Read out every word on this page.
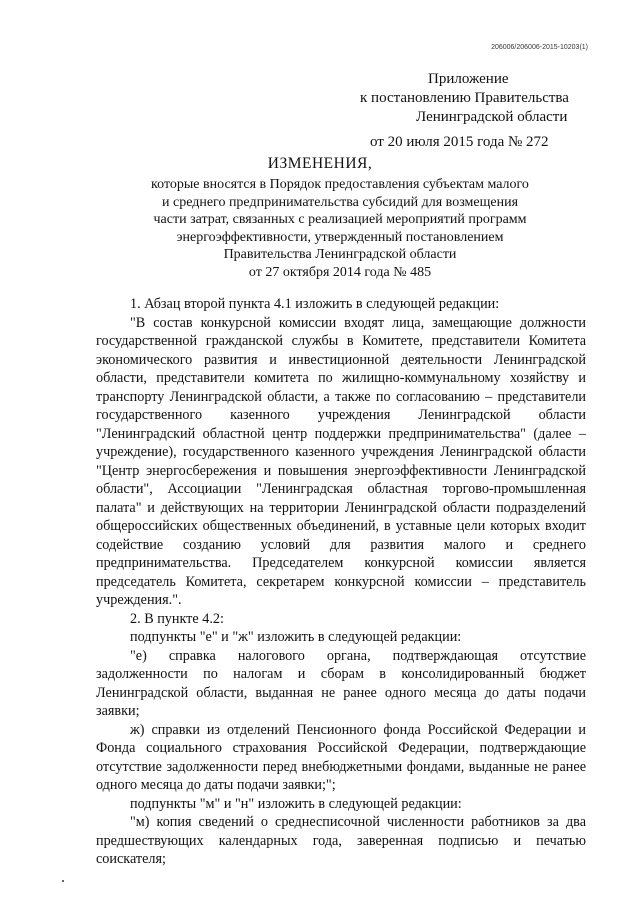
206006/206006-2015-10203(1)
Приложение
к постановлению Правительства
Ленинградской области
от 20 июля 2015 года № 272
ИЗМЕНЕНИЯ,
которые вносятся в Порядок предоставления субъектам малого
и среднего предпринимательства субсидий для возмещения
части затрат, связанных с реализацией мероприятий программ
энергоэффективности, утвержденный постановлением
Правительства Ленинградской области
от 27 октября 2014 года № 485

1. Абзац второй пункта 4.1 изложить в следующей редакции:

"В состав конкурсной комиссии входят лица, замещающие должности государственной гражданской службы в Комитете, представители Комитета экономического развития и инвестиционной деятельности Ленинградской области, представители комитета по жилищно-коммунальному хозяйству и транспорту Ленинградской области, а также по согласованию – представители государственного казенного учреждения Ленинградской области "Ленинградский областной центр поддержки предпринимательства" (далее – учреждение), государственного казенного учреждения Ленинградской области "Центр энергосбережения и повышения энергоэффективности Ленинградской области", Ассоциации "Ленинградская областная торгово-промышленная палата" и действующих на территории Ленинградской области подразделений общероссийских общественных объединений, в уставные цели которых входит содействие созданию условий для развития малого и среднего предпринимательства. Председателем конкурсной комиссии является председатель Комитета, секретарем конкурсной комиссии – представитель учреждения.".

2. В пункте 4.2:

подпункты "е" и "ж" изложить в следующей редакции:

"е) справка налогового органа, подтверждающая отсутствие задолженности по налогам и сборам в консолидированный бюджет Ленинградской области, выданная не ранее одного месяца до даты подачи заявки;

ж) справки из отделений Пенсионного фонда Российской Федерации и Фонда социального страхования Российской Федерации, подтверждающие отсутствие задолженности перед внебюджетными фондами, выданные не ранее одного месяца до даты подачи заявки;";

подпункты "м" и "н" изложить в следующей редакции:

"м) копия сведений о среднесписочной численности работников за два предшествующих календарных года, заверенная подписью и печатью соискателя;
